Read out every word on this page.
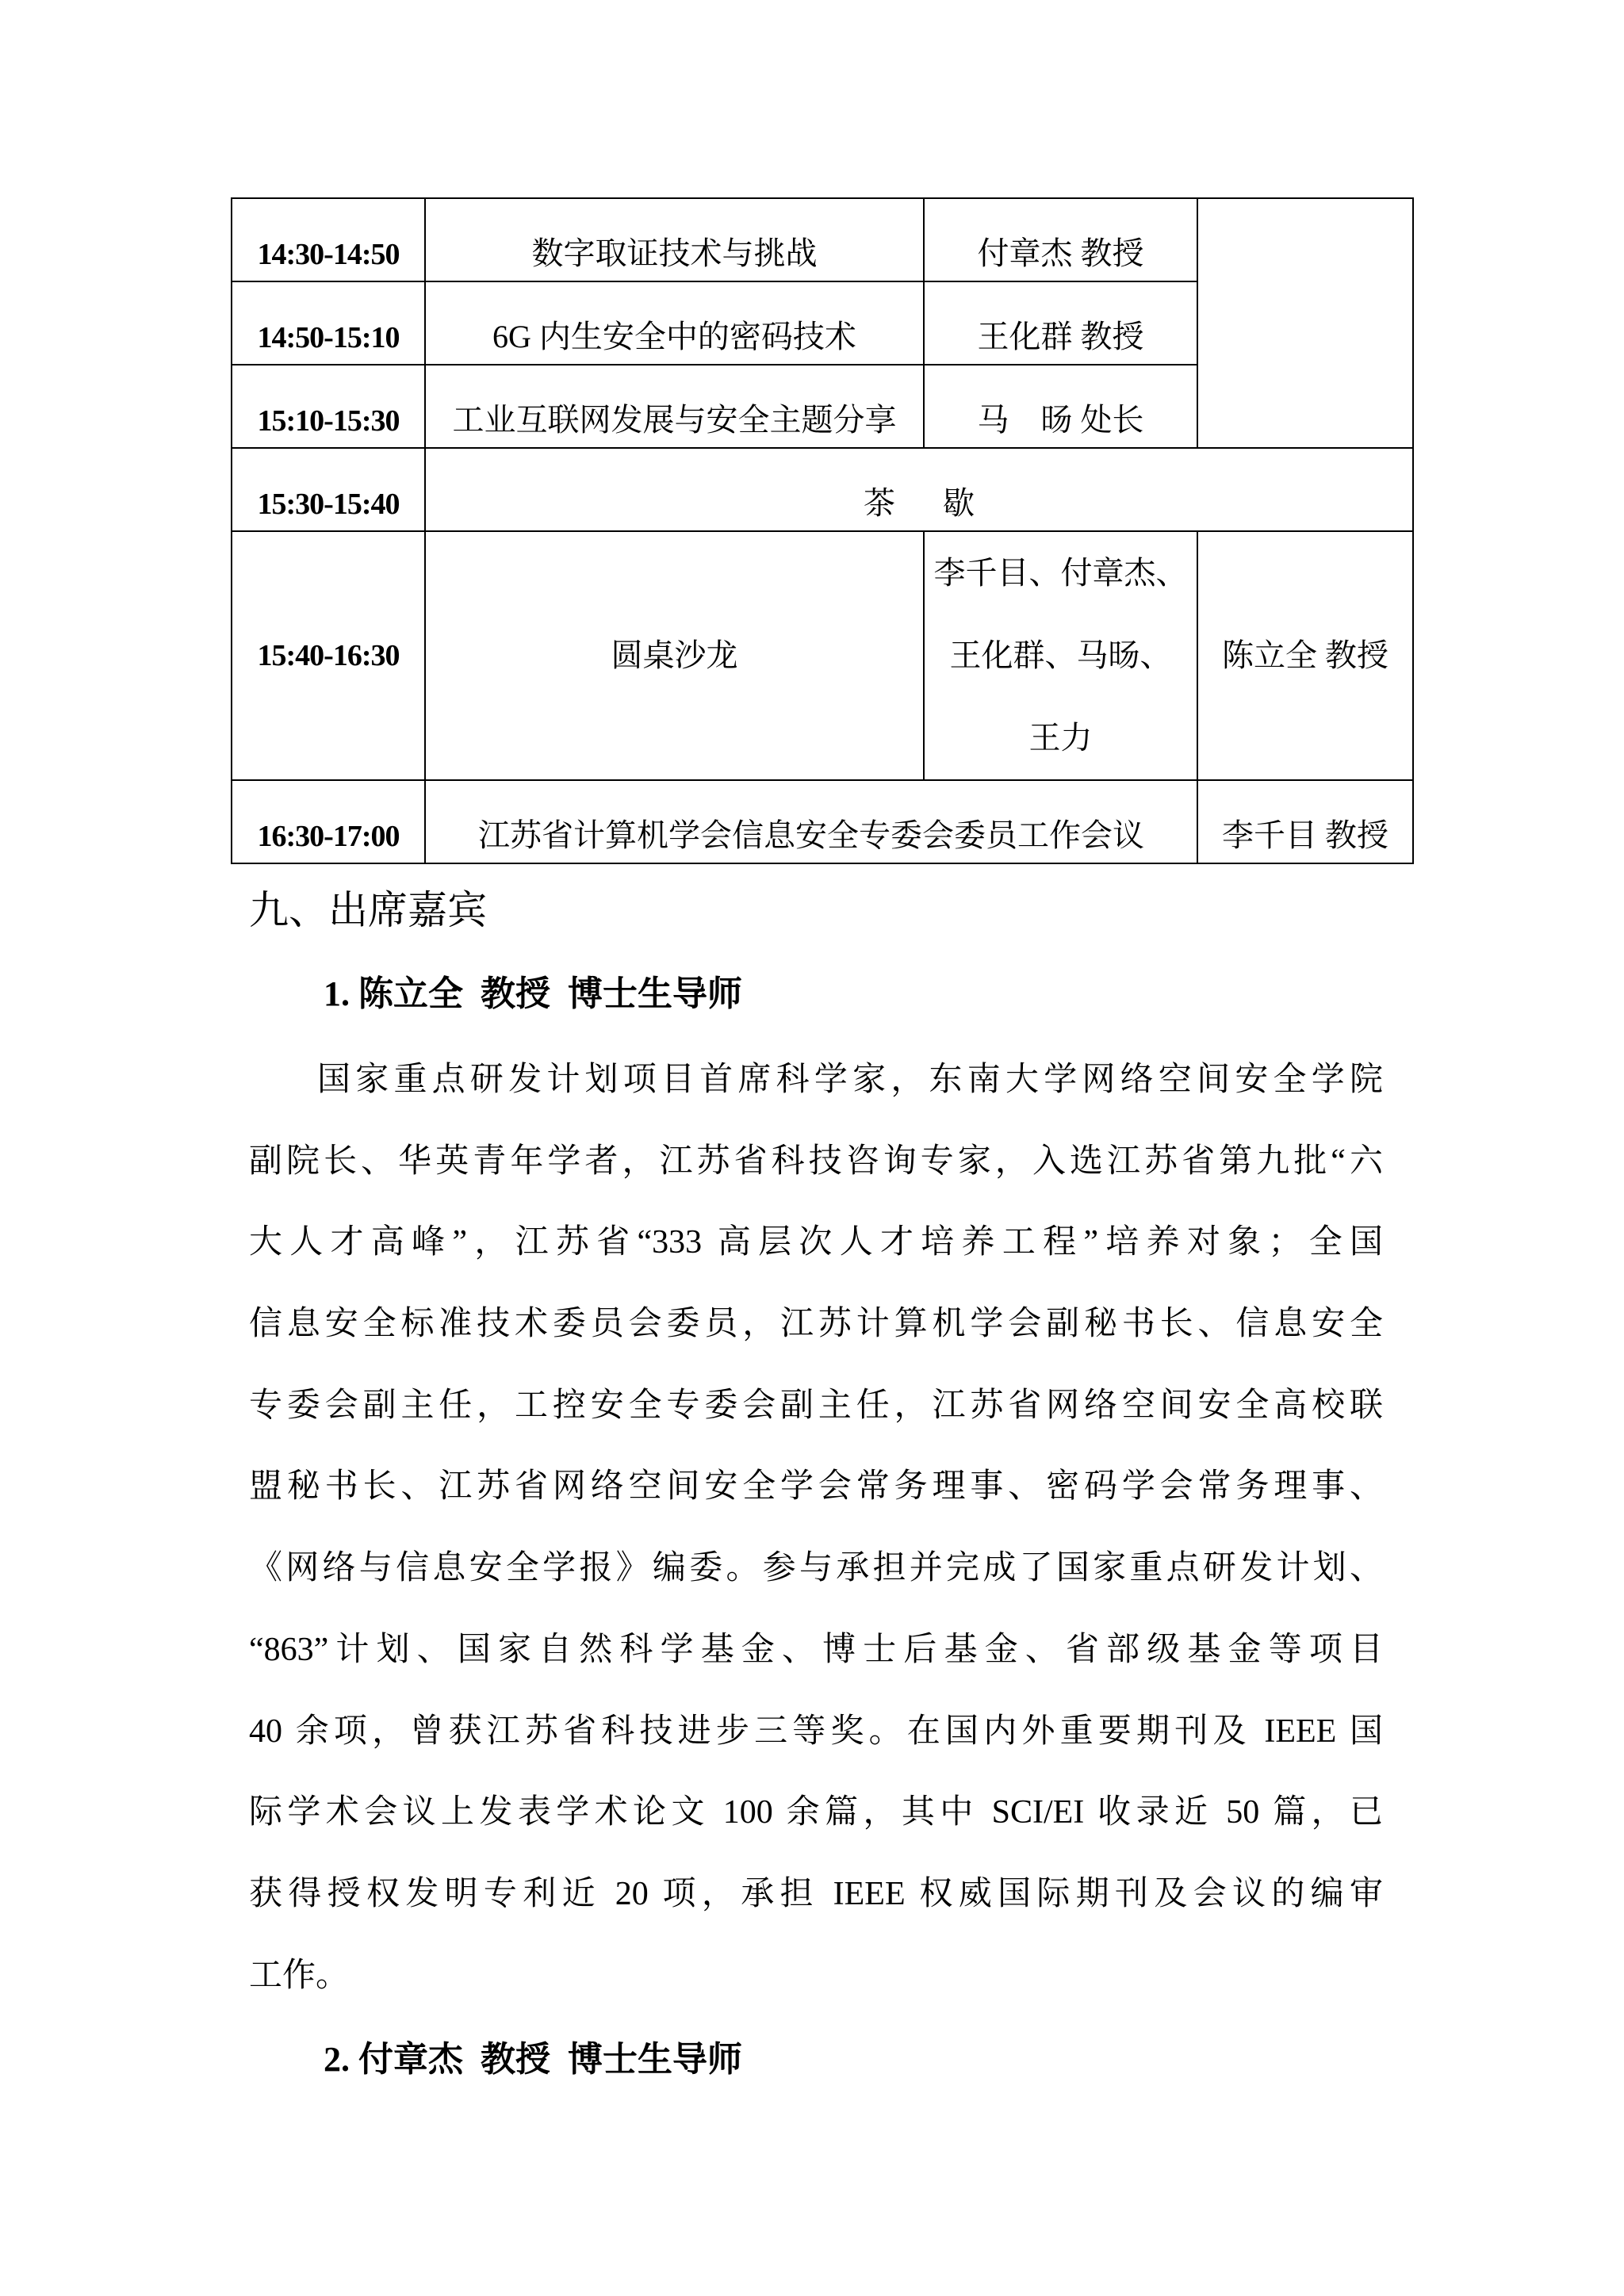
14:30-14:50	数字取证技术与挑战	付章杰 教授	
14:50-15:10	6G 内生安全中的密码技术	王化群 教授	
15:10-15:30	工业互联网发展与安全主题分享	马　旸 处长	
15:30-15:40	茶歇		
15:40-16:30	圆桌沙龙	李千目、付章杰、
王化群、马旸、
王力	陈立全 教授
16:30-17:00	江苏省计算机学会信息安全专委会委员工作会议		李千目 教授
九、出席嘉宾
1. 陈立全  教授  博士生导师
国家重点研发计划项目首席科学家，东南大学网络空间安全学院
副院长、华英青年学者，江苏省科技咨询专家，入选江苏省第九批“六
大人才高峰”，江苏省“333 高层次人才培养工程”培养对象；全国
信息安全标准技术委员会委员，江苏计算机学会副秘书长、信息安全
专委会副主任，工控安全专委会副主任，江苏省网络空间安全高校联
盟秘书长、江苏省网络空间安全学会常务理事、密码学会常务理事、
《网络与信息安全学报》编委。参与承担并完成了国家重点研发计划、
“863”计划、国家自然科学基金、博士后基金、省部级基金等项目
40 余项，曾获江苏省科技进步三等奖。在国内外重要期刊及 IEEE 国
际学术会议上发表学术论文 100 余篇，其中 SCI/EI 收录近 50 篇，已
获得授权发明专利近 20 项，承担 IEEE 权威国际期刊及会议的编审
工作。
2. 付章杰  教授  博士生导师
